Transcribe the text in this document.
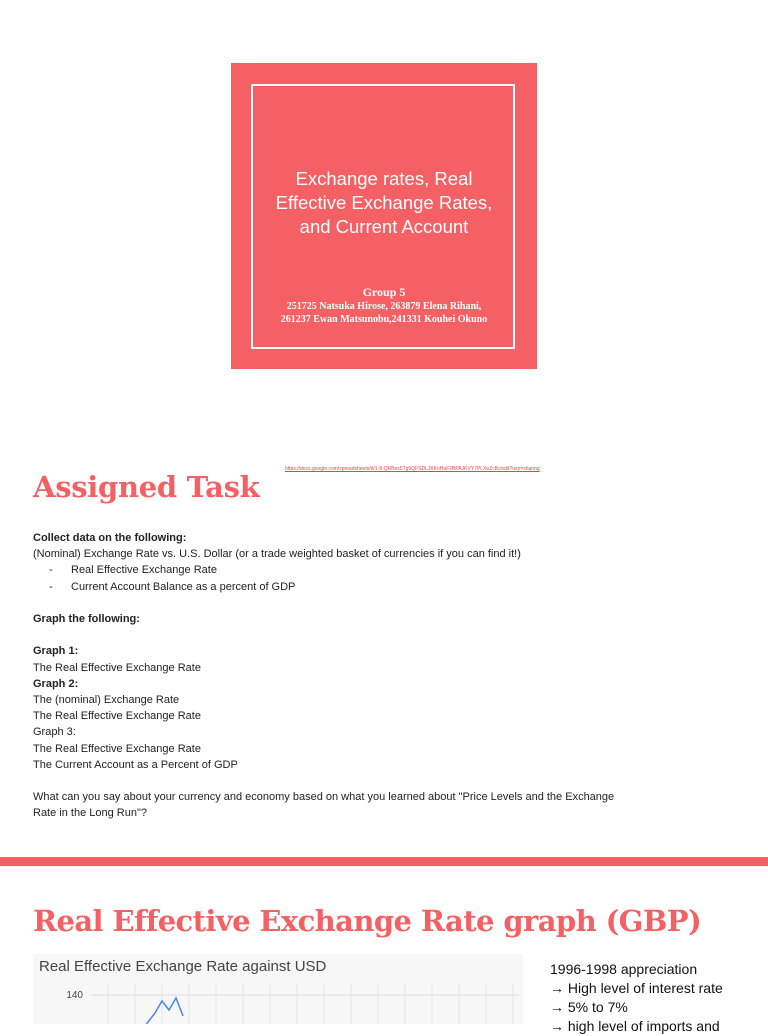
Exchange rates, Real
Effective Exchange Rates,
and Current Account
Group 5
251725 Natsuka Hirose, 263879 Elena Rihani,
261237 Ewan Matsunobu,241331 Kouhei Okuno
https://docs.google.com/spreadsheets/d/1-8-QRBes5Tg5QFSDLJKKnHaF2BPAJKVY7PLXeZc8c/edit?usp=sharing
Assigned Task
Collect data on the following:
(Nominal) Exchange Rate vs. U.S. Dollar (or a trade weighted basket of currencies if you can find it!)
- Real Effective Exchange Rate
- Current Account Balance as a percent of GDP
Graph the following:
Graph 1:
The Real Effective Exchange Rate
Graph 2:
The (nominal) Exchange Rate
The Real Effective Exchange Rate
Graph 3:
The Real Effective Exchange Rate
The Current Account as a Percent of GDP
What can you say about your currency and economy based on what you learned about "Price Levels and the Exchange
Rate in the Long Run"?
Real Effective Exchange Rate graph (GBP)
Real Effective Exchange Rate against USD
140
1996-1998 appreciation
→ High level of interest rate
→ 5% to 7%
→ high level of imports and
